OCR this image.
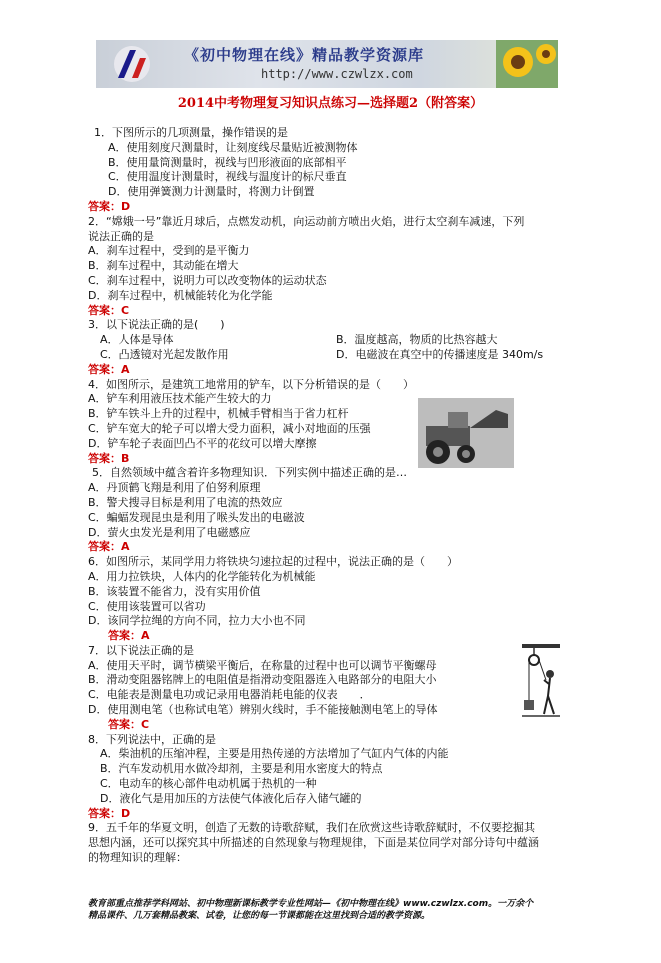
《初中物理在线》精品教学资源库
http://www.czwlzx.com
2014中考物理复习知识点练习—选择题2（附答案）
1．下图所示的几项测量，操作错误的是
A．使用刻度尺测量时，让刻度线尽量贴近被测物体
B．使用量筒测量时，视线与凹形液面的底部相平
C．使用温度计测量时，视线与温度计的标尺垂直
D．使用弹簧测力计测量时，将测力计倒置
答案：D
2．“嫦娥一号”靠近月球后，点燃发动机，向运动前方喷出火焰，进行太空刹车减速，下列
说法正确的是
A．刹车过程中，受到的是平衡力
B．刹车过程中，其动能在增大
C．刹车过程中，说明力可以改变物体的运动状态
D．刹车过程中，机械能转化为化学能
答案：C
3．以下说法正确的是(　　)
A．人体是导体	B．温度越高，物质的比热容越大
C．凸透镜对光起发散作用	D．电磁波在真空中的传播速度是 340m/s
答案：A
4．如图所示，是建筑工地常用的铲车，以下分析错误的是（　　）
A．铲车利用液压技术能产生较大的力
B．铲车铁斗上升的过程中，机械手臂相当于省力杠杆
C．铲车宽大的轮子可以增大受力面积，减小对地面的压强
D．铲车轮子表面凹凸不平的花纹可以增大摩擦
答案：B
5．自然领域中蕴含着许多物理知识．下列实例中描述正确的是…
A．丹顶鹤飞翔是利用了伯努利原理
B．警犬搜寻目标是利用了电流的热效应
C．蝙蝠发现昆虫是利用了喉头发出的电磁波
D．萤火虫发光是利用了电磁感应
答案：A
6．如图所示，某同学用力将铁块匀速拉起的过程中，说法正确的是（　　）
A．用力拉铁块，人体内的化学能转化为机械能
B．该装置不能省力，没有实用价值
C．使用该装置可以省功
D．该同学拉绳的方向不同，拉力大小也不同
答案：A
7．以下说法正确的是
A．使用天平时，调节横梁平衡后，在称量的过程中也可以调节平衡螺母
B．滑动变阻器铭牌上的电阻值是指滑动变阻器连入电路部分的电阻大小
C．电能表是测量电功或记录用电器消耗电能的仪表　　．
D．使用测电笔（也称试电笔）辨别火线时，手不能接触测电笔上的导体
答案：C
8．下列说法中，正确的是
A．柴油机的压缩冲程，主要是用热传递的方法增加了气缸内气体的内能
B．汽车发动机用水做冷却剂，主要是利用水密度大的特点
C．电动车的核心部件电动机属于热机的一种
D．液化气是用加压的方法使气体液化后存入储气罐的
答案：D
9．五千年的华夏文明，创造了无数的诗歌辞赋，我们在欣赏这些诗歌辞赋时，不仅要挖掘其
思想内涵，还可以探究其中所描述的自然现象与物理规律，下面是某位同学对部分诗句中蕴涵
的物理知识的理解：
教育部重点推荐学科网站、初中物理新课标教学专业性网站—《初中物理在线》www.czwlzx.com。一万余个
精品课件、几万套精品教案、试卷，让您的每一节课都能在这里找到合适的教学资源。
